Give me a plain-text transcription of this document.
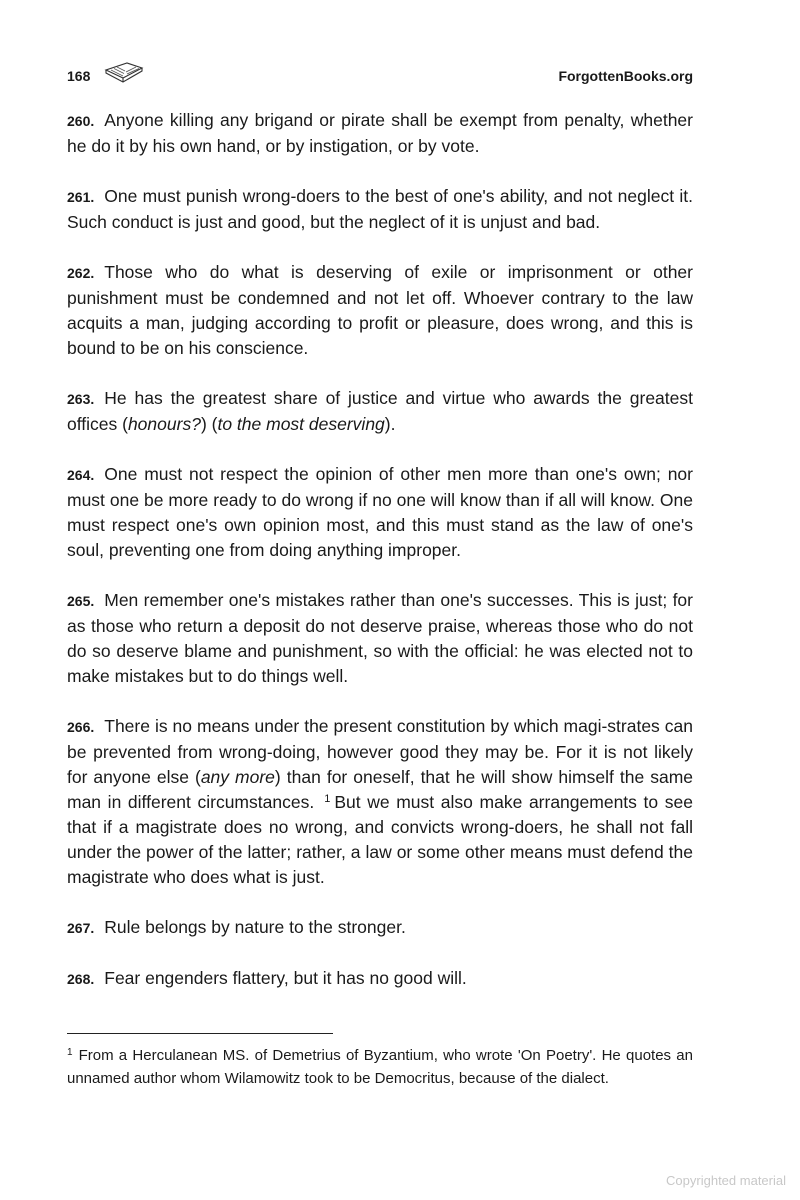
168	ForgottenBooks.org

260. Anyone killing any brigand or pirate shall be exempt from penalty, whether he do it by his own hand, or by instigation, or by vote.

261. One must punish wrong-doers to the best of one's ability, and not neglect it. Such conduct is just and good, but the neglect of it is unjust and bad.

262. Those who do what is deserving of exile or imprisonment or other punishment must be condemned and not let off. Whoever contrary to the law acquits a man, judging according to profit or pleasure, does wrong, and this is bound to be on his conscience.

263. He has the greatest share of justice and virtue who awards the greatest offices (honours?) (to the most deserving).

264. One must not respect the opinion of other men more than one's own; nor must one be more ready to do wrong if no one will know than if all will know. One must respect one's own opinion most, and this must stand as the law of one's soul, preventing one from doing anything improper.

265. Men remember one's mistakes rather than one's successes. This is just; for as those who return a deposit do not deserve praise, whereas those who do not do so deserve blame and punishment, so with the official: he was elected not to make mistakes but to do things well.

266. There is no means under the present constitution by which magi-strates can be prevented from wrong-doing, however good they may be. For it is not likely for anyone else (any more) than for oneself, that he will show himself the same man in different circumstances. $^1$ But we must also make arrangements to see that if a magistrate does no wrong, and convicts wrong-doers, he shall not fall under the power of the latter; rather, a law or some other means must defend the magistrate who does what is just.

267. Rule belongs by nature to the stronger.

268. Fear engenders flattery, but it has no good will.

$^1$ From a Herculanean MS. of Demetrius of Byzantium, who wrote 'On Poetry'. He quotes an unnamed author whom Wilamowitz took to be Democritus, because of the dialect.
Copyrighted material
